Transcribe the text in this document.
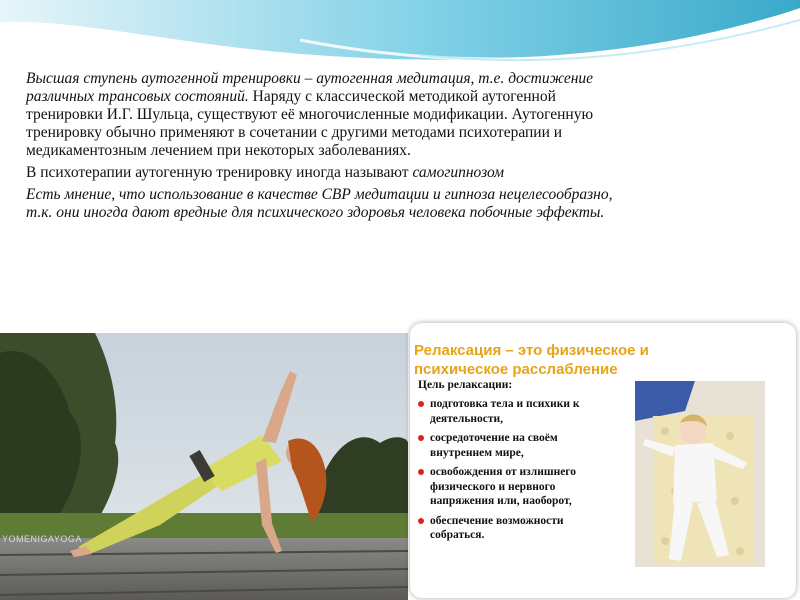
Высшая ступень аутогенной тренировки – аутогенная медитация, т.е. достижение различных трансовых состояний. Наряду с классической методикой аутогенной тренировки И.Г. Шульца, существуют её многочисленные модификации. Аутогенную тренировку обычно применяют в сочетании с другими методами психотерапии и медикаментозным лечением при некоторых заболеваниях.

В психотерапии аутогенную тренировку иногда называют самогипнозом

Есть мнение, что использование в качестве СВР медитации и гипноза нецелесообразно, т.к. они иногда дают вредные для психического здоровья человека побочные эффекты.

YOMENIGAYOGA
Релаксация – это физическое и психическое расслабление
Цель релаксации:
подготовка тела и психики к деятельности,
сосредоточение на своём внутреннем мире,
освобождения от излишнего физического и нервного напряжения или, наоборот,
обеспечение возможности собраться.
